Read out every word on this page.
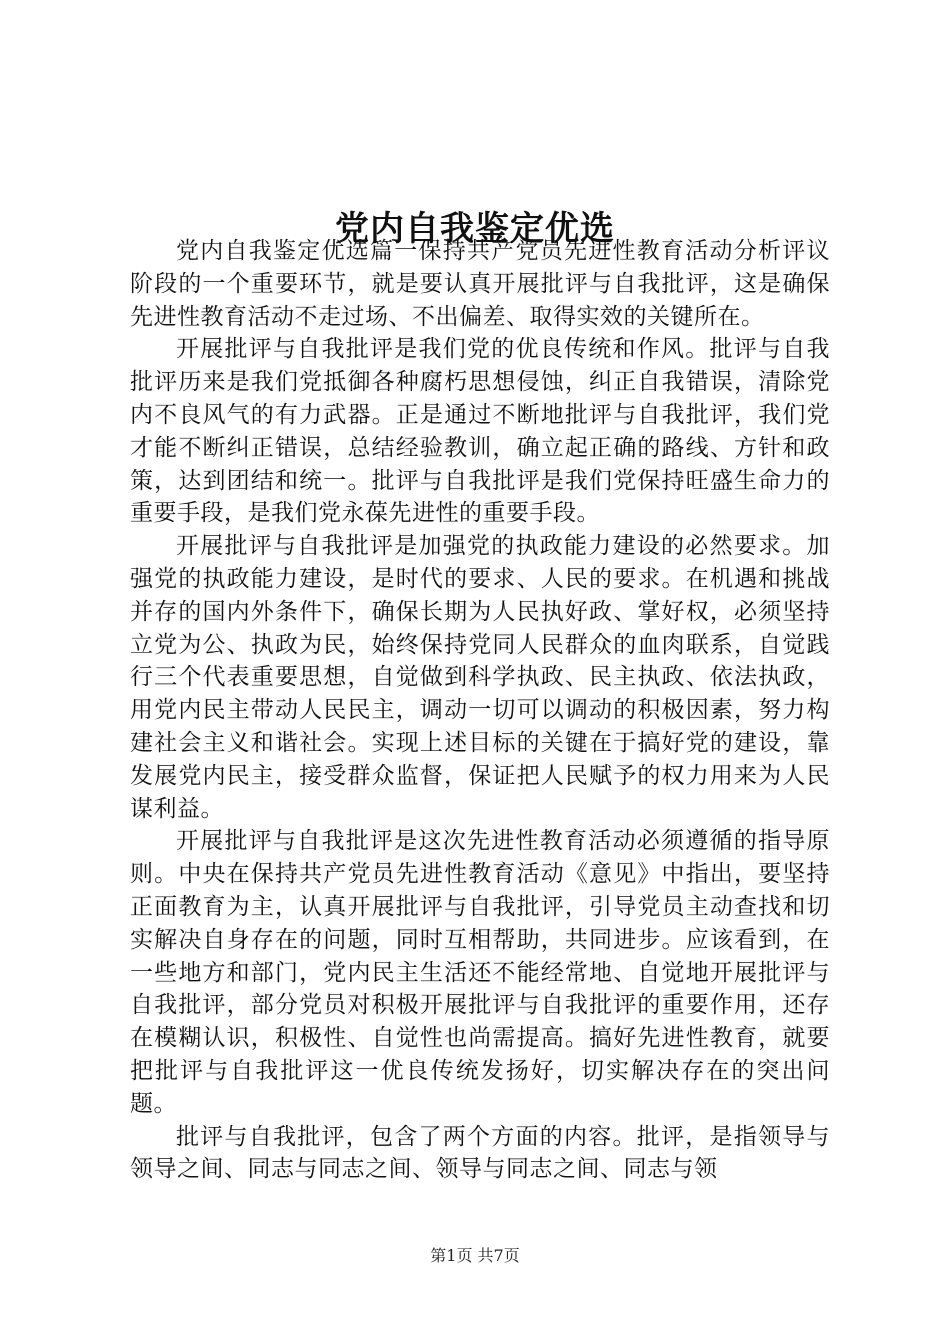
党内自我鉴定优选

党内自我鉴定优选篇一保持共产党员先进性教育活动分析评议阶段的一个重要环节，就是要认真开展批评与自我批评，这是确保先进性教育活动不走过场、不出偏差、取得实效的关键所在。

开展批评与自我批评是我们党的优良传统和作风。批评与自我批评历来是我们党抵御各种腐朽思想侵蚀，纠正自我错误，清除党内不良风气的有力武器。正是通过不断地批评与自我批评，我们党才能不断纠正错误，总结经验教训，确立起正确的路线、方针和政策，达到团结和统一。批评与自我批评是我们党保持旺盛生命力的重要手段，是我们党永葆先进性的重要手段。

开展批评与自我批评是加强党的执政能力建设的必然要求。加强党的执政能力建设，是时代的要求、人民的要求。在机遇和挑战并存的国内外条件下，确保长期为人民执好政、掌好权，必须坚持立党为公、执政为民，始终保持党同人民群众的血肉联系，自觉践行三个代表重要思想，自觉做到科学执政、民主执政、依法执政，用党内民主带动人民民主，调动一切可以调动的积极因素，努力构建社会主义和谐社会。实现上述目标的关键在于搞好党的建设，靠发展党内民主，接受群众监督，保证把人民赋予的权力用来为人民谋利益。

开展批评与自我批评是这次先进性教育活动必须遵循的指导原则。中央在保持共产党员先进性教育活动《意见》中指出，要坚持正面教育为主，认真开展批评与自我批评，引导党员主动查找和切实解决自身存在的问题，同时互相帮助，共同进步。应该看到，在一些地方和部门，党内民主生活还不能经常地、自觉地开展批评与自我批评，部分党员对积极开展批评与自我批评的重要作用，还存在模糊认识，积极性、自觉性也尚需提高。搞好先进性教育，就要把批评与自我批评这一优良传统发扬好，切实解决存在的突出问题。

批评与自我批评，包含了两个方面的内容。批评，是指领导与领导之间、同志与同志之间、领导与同志之间、同志与领

第1页 共7页
